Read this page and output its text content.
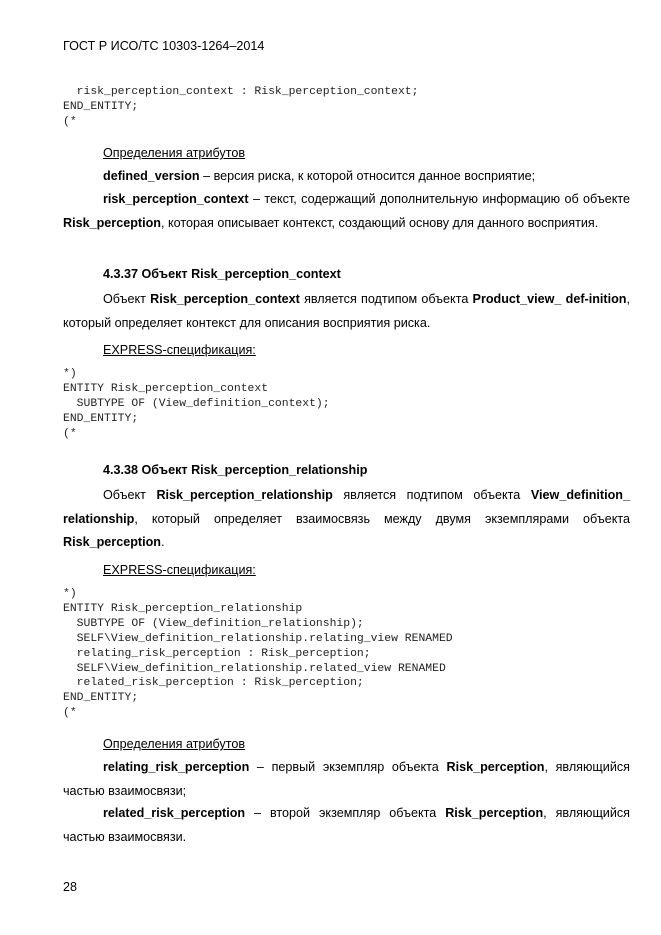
ГОСТ Р ИСО/ТС 10303-1264–2014
risk_perception_context : Risk_perception_context;
END_ENTITY;
(*
Определения атрибутов
defined_version – версия риска, к которой относится данное восприятие;
risk_perception_context – текст, содержащий дополнительную информацию об объекте Risk_perception, которая описывает контекст, создающий основу для данного восприятия.
4.3.37 Объект Risk_perception_context
Объект Risk_perception_context является подтипом объекта Product_view_ def-inition, который определяет контекст для описания восприятия риска.
EXPRESS-спецификация:
*)
ENTITY Risk_perception_context
SUBTYPE OF (View_definition_context);
END_ENTITY;
(*
4.3.38 Объект Risk_perception_relationship
Объект Risk_perception_relationship является подтипом объекта View_definition_ relationship, который определяет взаимосвязь между двумя экземплярами объекта Risk_perception.
EXPRESS-спецификация:
*)
ENTITY Risk_perception_relationship
SUBTYPE OF (View_definition_relationship);
SELF\View_definition_relationship.relating_view RENAMED
relating_risk_perception : Risk_perception;
SELF\View_definition_relationship.related_view RENAMED
related_risk_perception : Risk_perception;
END_ENTITY;
(*
Определения атрибутов
relating_risk_perception – первый экземпляр объекта Risk_perception, являющийся частью взаимосвязи;
related_risk_perception – второй экземпляр объекта Risk_perception, являющийся частью взаимосвязи.
28
